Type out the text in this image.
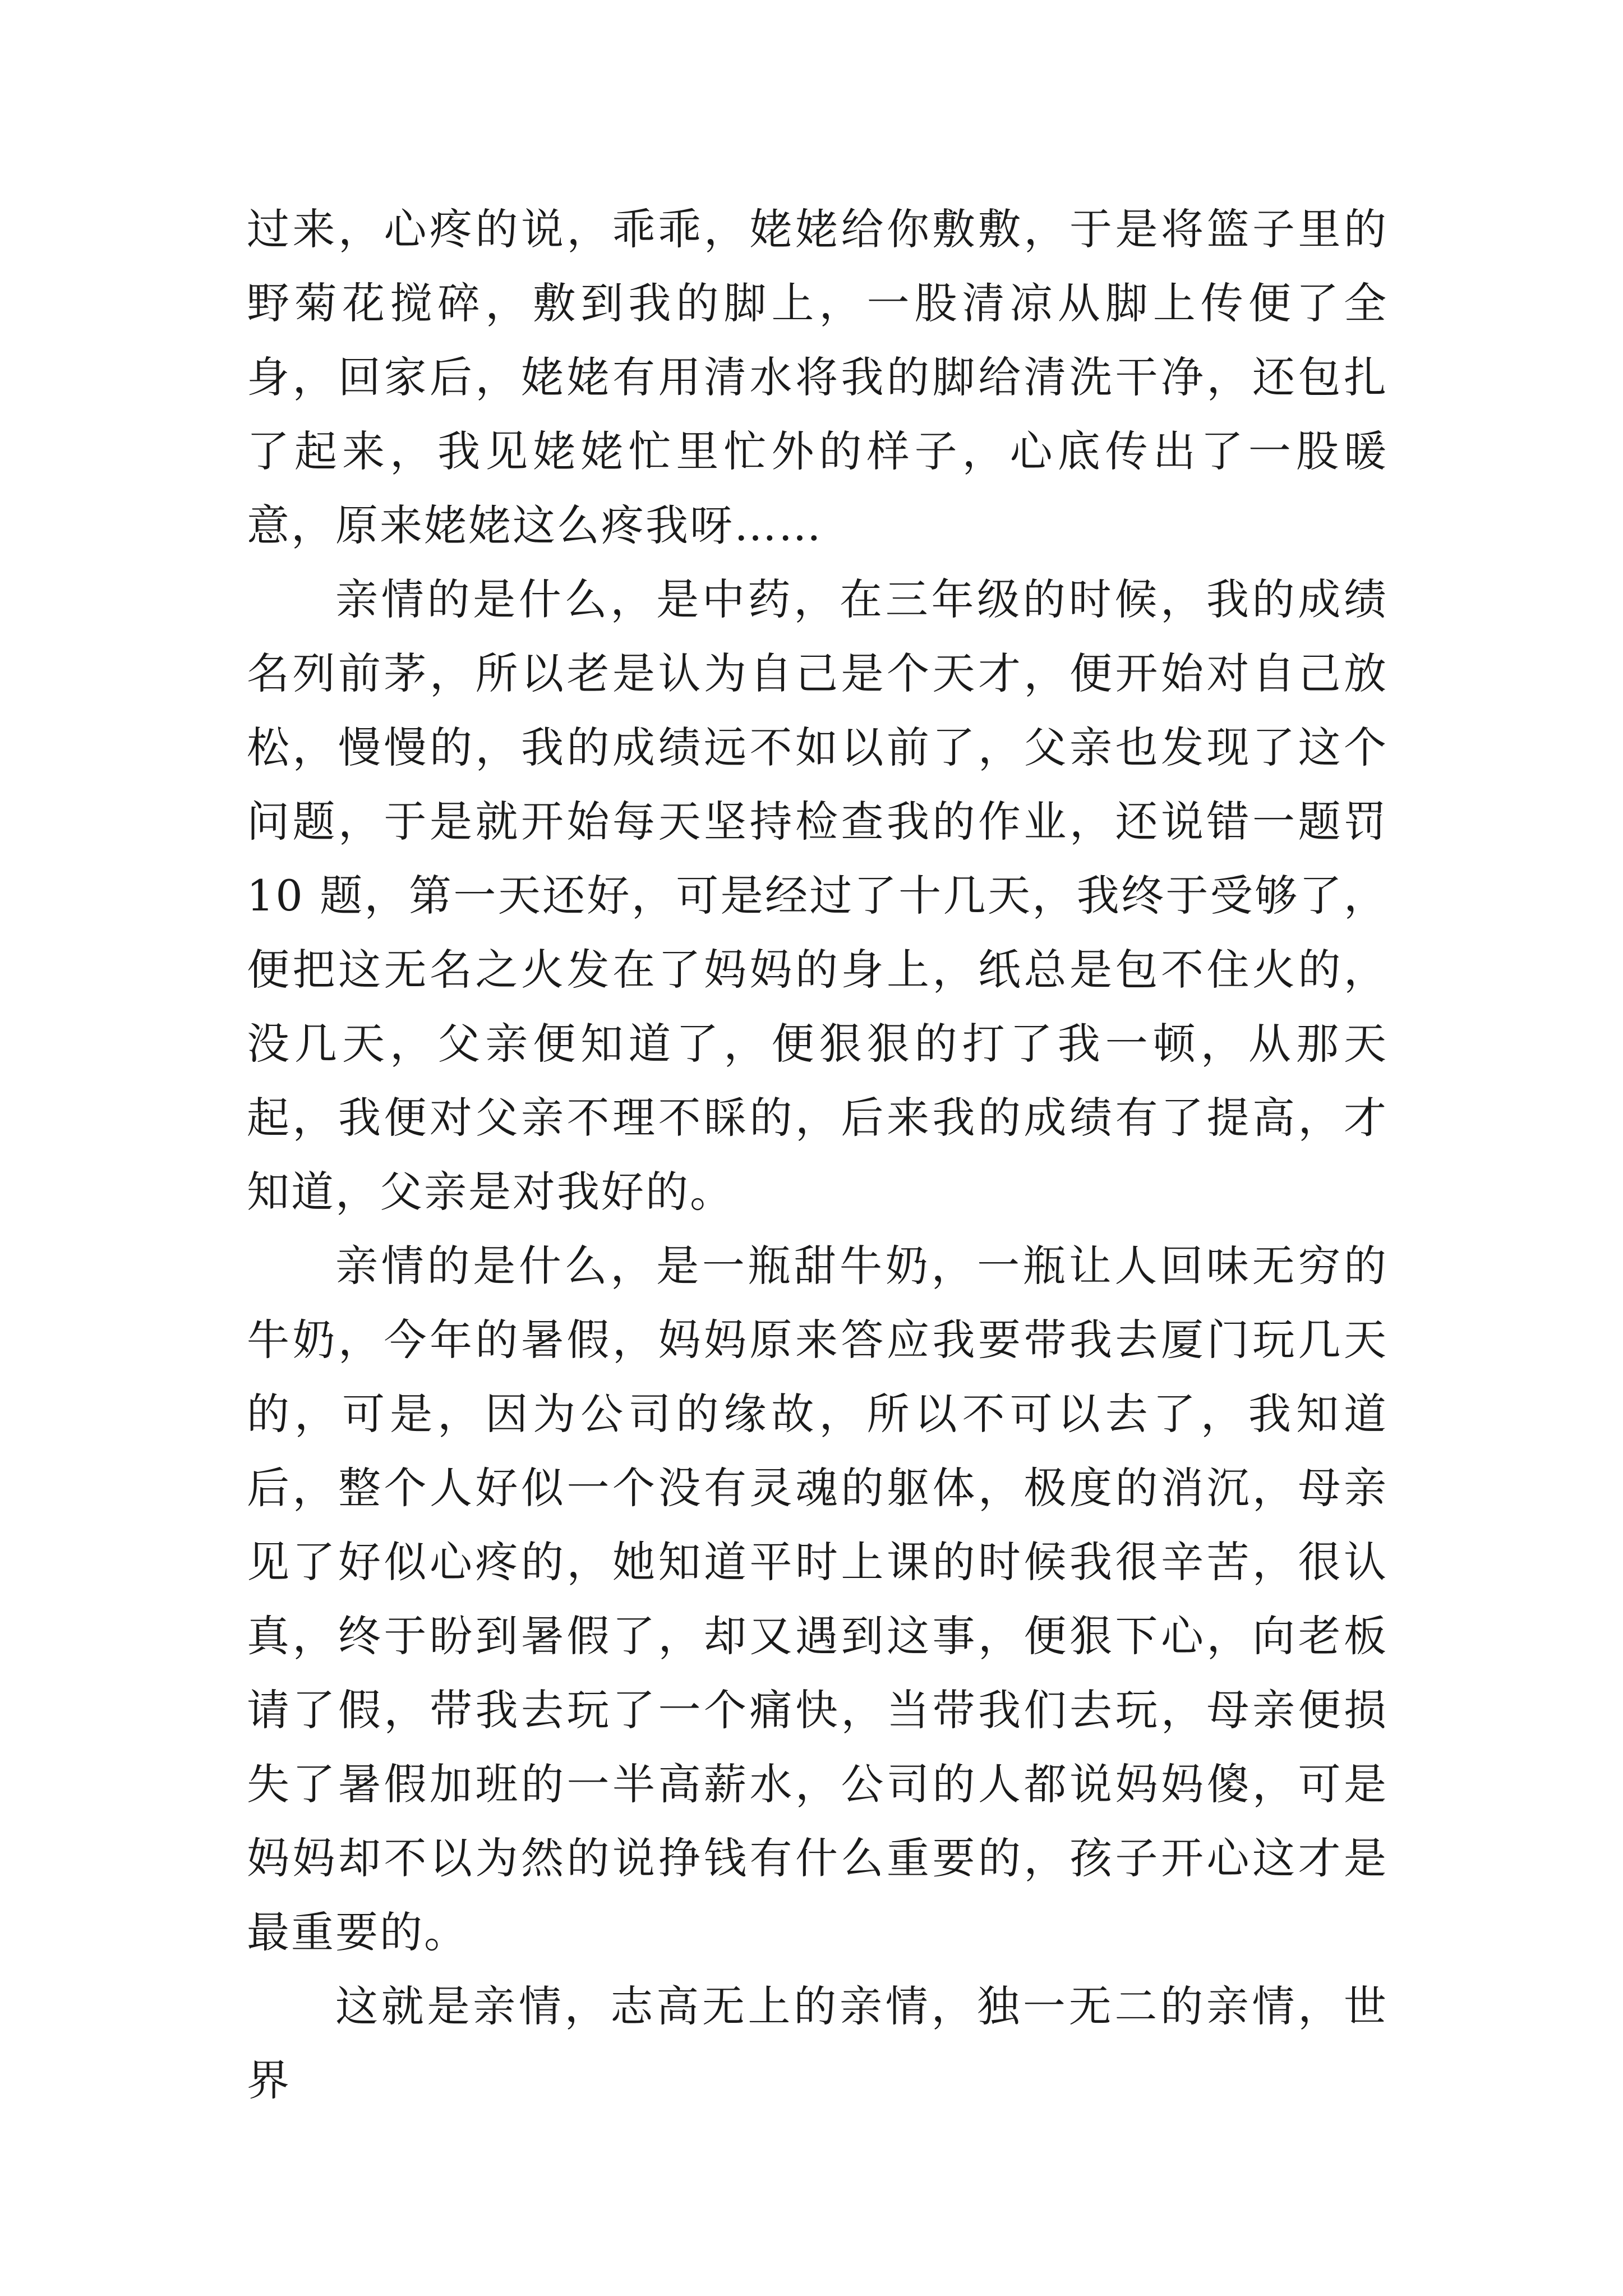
过来，心疼的说，乖乖，姥姥给你敷敷，于是将篮子里的野菊花搅碎，敷到我的脚上，一股清凉从脚上传便了全身，回家后，姥姥有用清水将我的脚给清洗干净，还包扎了起来，我见姥姥忙里忙外的样子，心底传出了一股暖意，原来姥姥这么疼我呀……

亲情的是什么，是中药，在三年级的时候，我的成绩名列前茅，所以老是认为自己是个天才，便开始对自己放松，慢慢的，我的成绩远不如以前了，父亲也发现了这个问题，于是就开始每天坚持检查我的作业，还说错一题罚 10 题，第一天还好，可是经过了十几天，我终于受够了，便把这无名之火发在了妈妈的身上，纸总是包不住火的，没几天，父亲便知道了，便狠狠的打了我一顿，从那天起，我便对父亲不理不睬的，后来我的成绩有了提高，才知道，父亲是对我好的。

亲情的是什么，是一瓶甜牛奶，一瓶让人回味无穷的牛奶，今年的暑假，妈妈原来答应我要带我去厦门玩几天的，可是，因为公司的缘故，所以不可以去了，我知道后，整个人好似一个没有灵魂的躯体，极度的消沉，母亲见了好似心疼的，她知道平时上课的时候我很辛苦，很认真，终于盼到暑假了，却又遇到这事，便狠下心，向老板请了假，带我去玩了一个痛快，当带我们去玩，母亲便损失了暑假加班的一半高薪水，公司的人都说妈妈傻，可是妈妈却不以为然的说挣钱有什么重要的，孩子开心这才是最重要的。

这就是亲情，志高无上的亲情，独一无二的亲情，世界
